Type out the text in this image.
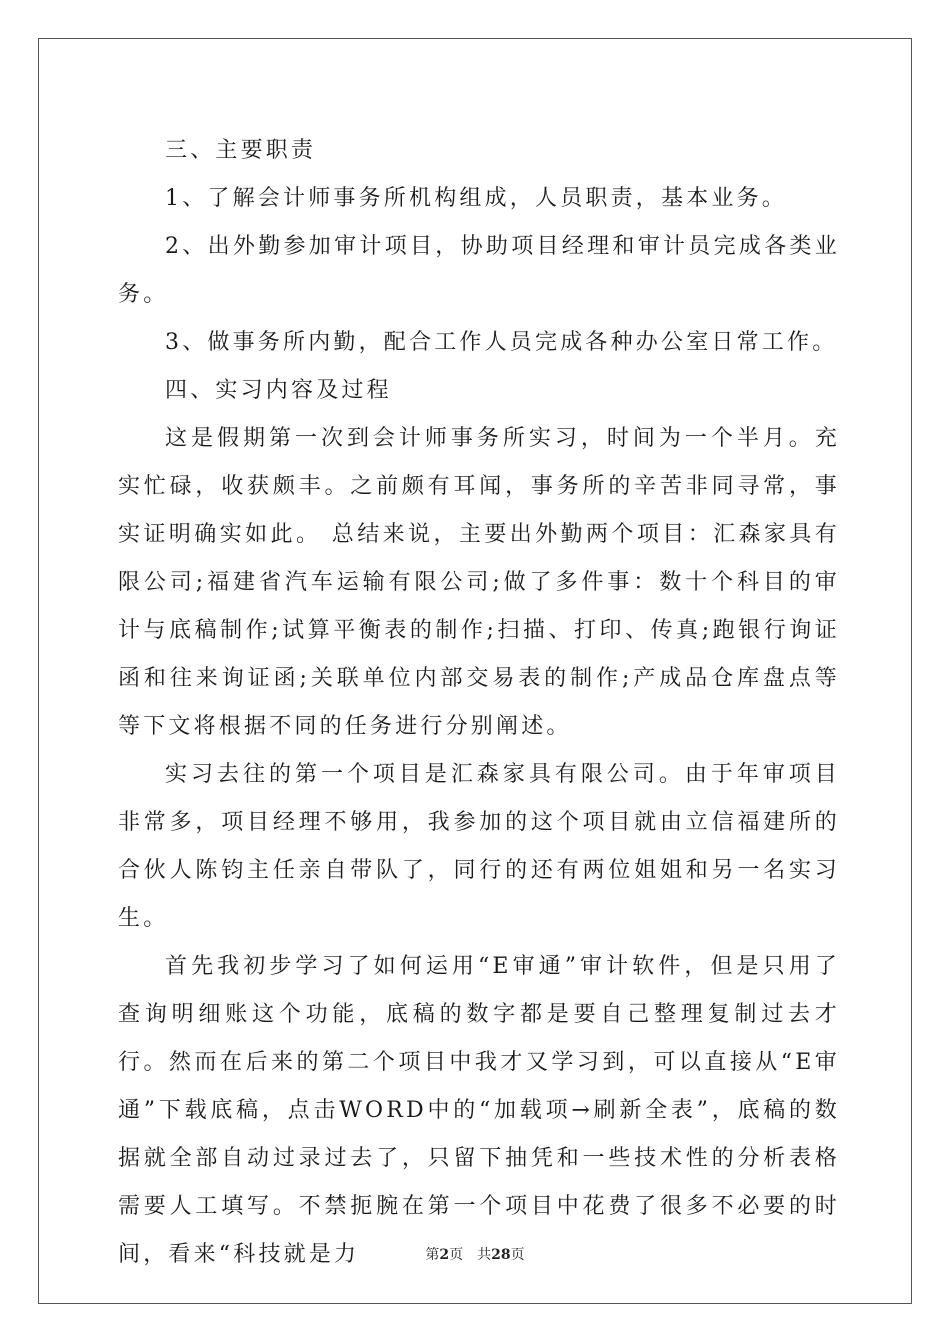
三、主要职责

1、了解会计师事务所机构组成，人员职责，基本业务。

2、出外勤参加审计项目，协助项目经理和审计员完成各类业务。

3、做事务所内勤，配合工作人员完成各种办公室日常工作。

四、实习内容及过程

这是假期第一次到会计师事务所实习，时间为一个半月。充实忙碌，收获颇丰。之前颇有耳闻，事务所的辛苦非同寻常，事实证明确实如此。 总结来说，主要出外勤两个项目：汇森家具有限公司;福建省汽车运输有限公司;做了多件事：数十个科目的审计与底稿制作;试算平衡表的制作;扫描、打印、传真;跑银行询证函和往来询证函;关联单位内部交易表的制作;产成品仓库盘点等等下文将根据不同的任务进行分别阐述。

实习去往的第一个项目是汇森家具有限公司。由于年审项目非常多，项目经理不够用，我参加的这个项目就由立信福建所的合伙人陈钧主任亲自带队了，同行的还有两位姐姐和另一名实习生。

首先我初步学习了如何运用“E审通”审计软件，但是只用了查询明细账这个功能，底稿的数字都是要自己整理复制过去才行。然而在后来的第二个项目中我才又学习到，可以直接从“E审通”下载底稿，点击WORD中的“加载项→刷新全表”，底稿的数据就全部自动过录过去了，只留下抽凭和一些技术性的分析表格需要人工填写。不禁扼腕在第一个项目中花费了很多不必要的时间，看来“科技就是力	第2页 共28页
